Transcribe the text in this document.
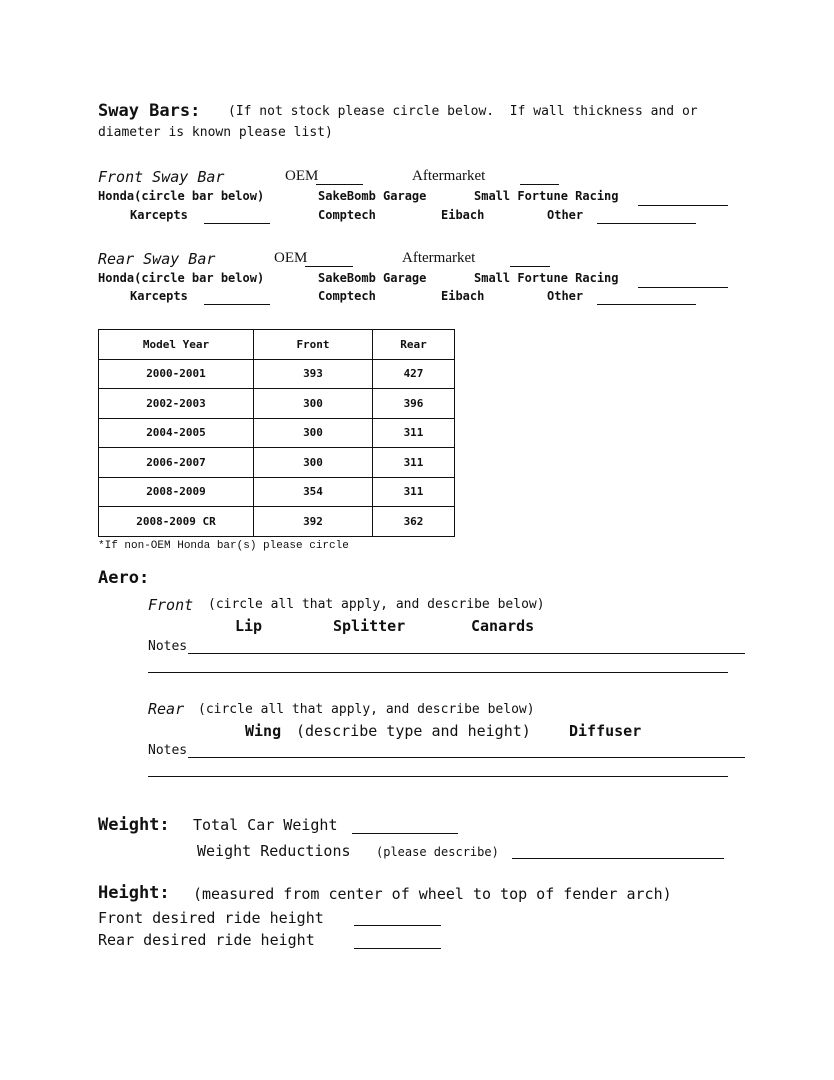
Sway Bars: (If not stock please circle below.  If wall thickness and or
diameter is known please list)
Front Sway Bar	OEM	Aftermarket
Honda(circle bar below)	SakeBomb Garage	Small Fortune Racing
Karcepts	Comptech	Eibach	Other
Rear Sway Bar	OEM	Aftermarket
Honda(circle bar below)	SakeBomb Garage	Small Fortune Racing
Karcepts	Comptech	Eibach	Other
Model Year	Front	Rear
2000-2001	393	427
2002-2003	300	396
2004-2005	300	311
2006-2007	300	311
2008-2009	354	311
2008-2009 CR	392	362
*If non-OEM Honda bar(s) please circle
Aero:
Front (circle all that apply, and describe below)
Lip	Splitter	Canards
Notes
Rear (circle all that apply, and describe below)
Wing (describe type and height)	Diffuser
Notes
Weight: Total Car Weight
Weight Reductions (please describe)
Height: (measured from center of wheel to top of fender arch)
Front desired ride height
Rear desired ride height
